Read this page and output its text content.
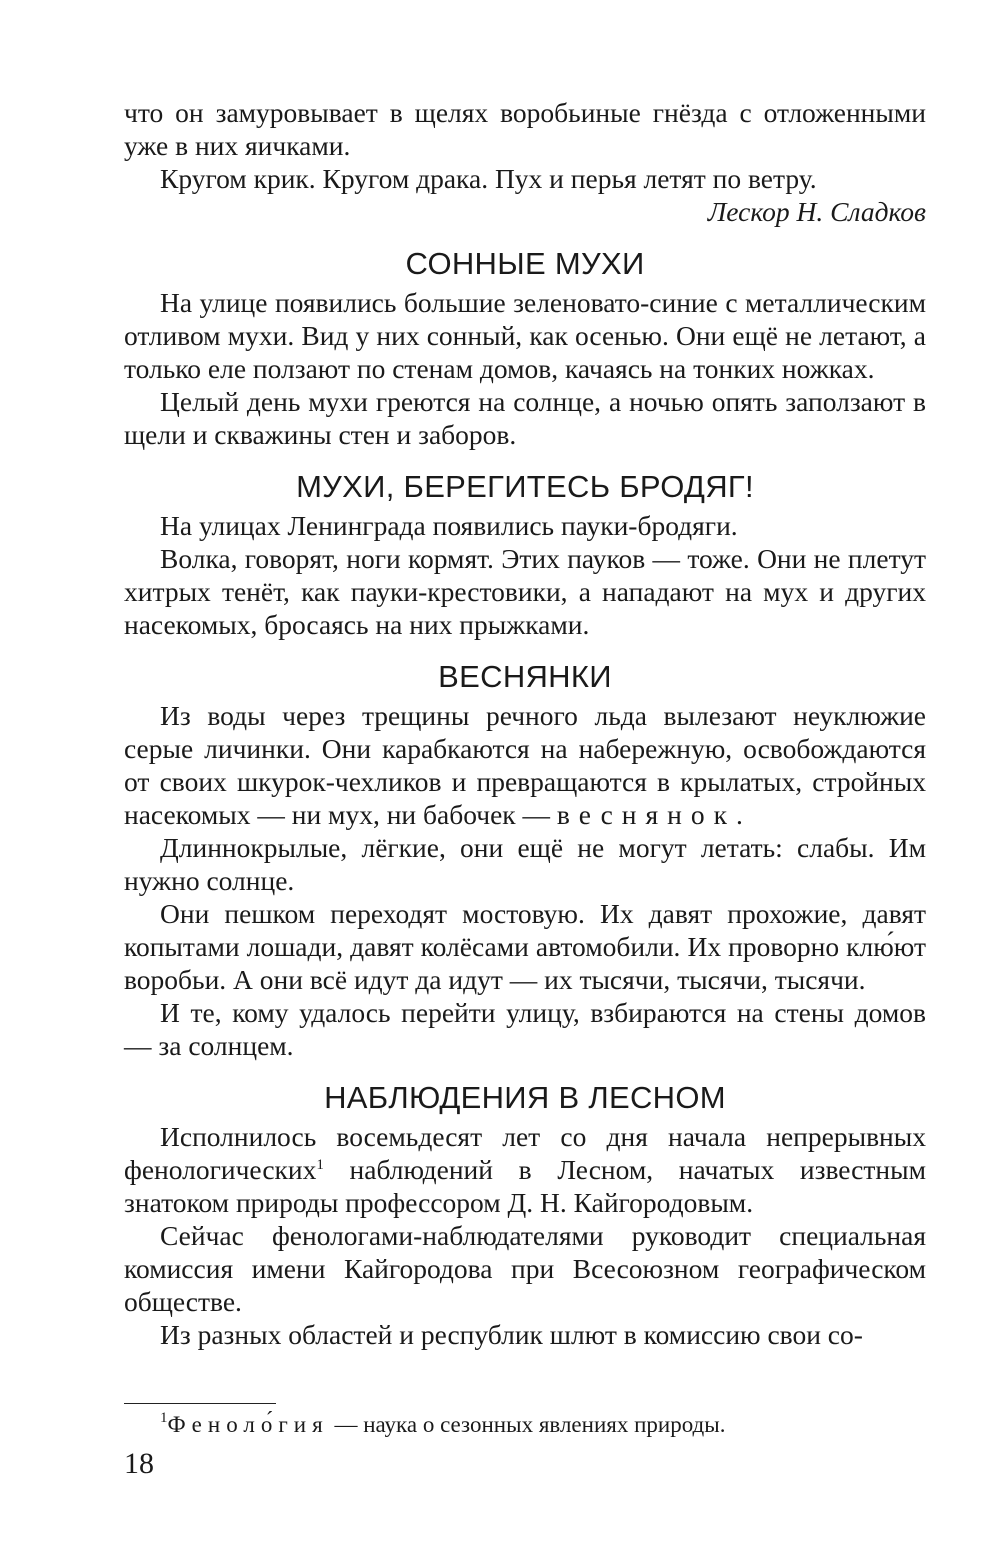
что он замуровывает в щелях воробьиные гнёзда с отложенными уже в них яичками.

Кругом крик. Кругом драка. Пух и перья летят по ветру.

Лескор Н. Сладков

СОННЫЕ МУХИ

На улице появились большие зеленовато-синие с металлическим отливом мухи. Вид у них сонный, как осенью. Они ещё не летают, а только еле ползают по стенам домов, качаясь на тонких ножках.

Целый день мухи греются на солнце, а ночью опять заползают в щели и скважины стен и заборов.

МУХИ, БЕРЕГИТЕСЬ БРОДЯГ!

На улицах Ленинграда появились пауки-бродяги.

Волка, говорят, ноги кормят. Этих пауков — тоже. Они не плетут хитрых тенёт, как пауки-крестовики, а нападают на мух и других насекомых, бросаясь на них прыжками.

ВЕСНЯНКИ

Из воды через трещины речного льда вылезают неуклюжие серые личинки. Они карабкаются на набережную, освобождаются от своих шкурок-чехликов и превращаются в крылатых, стройных насекомых — ни мух, ни бабочек — веснянок.

Длиннокрылые, лёгкие, они ещё не могут летать: слабы. Им нужно солнце.

Они пешком переходят мостовую. Их давят прохожие, давят копытами лошади, давят колёсами автомобили. Их проворно клю́ют воробьи. А они всё идут да идут — их тысячи, тысячи, тысячи.

И те, кому удалось перейти улицу, взбираются на стены домов — за солнцем.

НАБЛЮДЕНИЯ В ЛЕСНОМ

Исполнилось восемьдесят лет со дня начала непрерывных фенологических$^1$ наблюдений в Лесном, начатых известным знатоком природы профессором Д. Н. Кайгородовым.

Сейчас фенологами-наблюдателями руководит специальная комиссия имени Кайгородова при Всесоюзном географическом обществе.

Из разных областей и республик шлют в комиссию свои со-

$^1$Феноло́гия — наука о сезонных явлениях природы.
18
